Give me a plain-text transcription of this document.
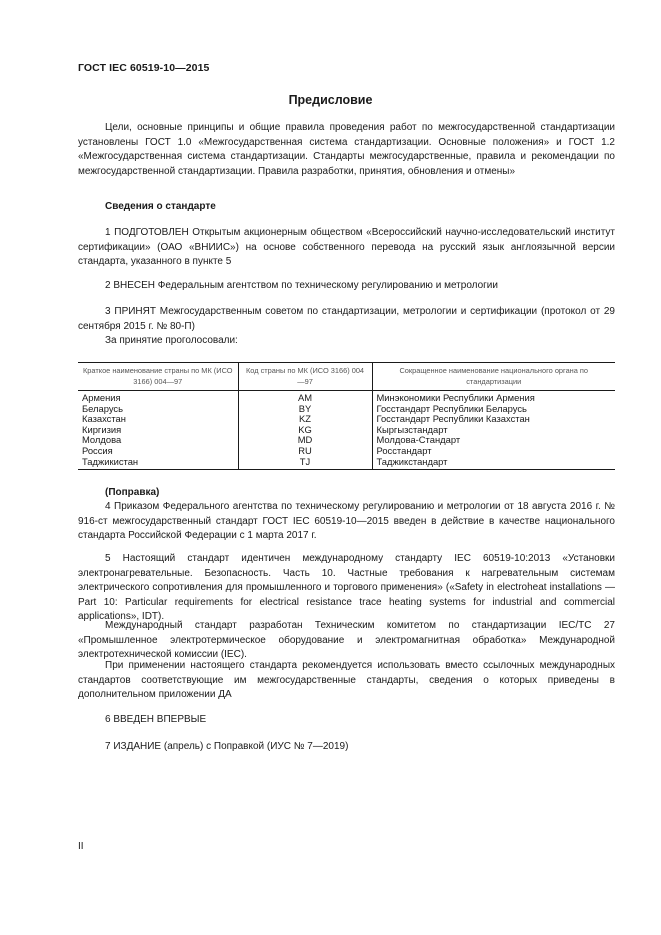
ГОСТ IEC 60519-10—2015
Предисловие

Цели, основные принципы и общие правила проведения работ по межгосударственной стандартизации установлены ГОСТ 1.0 «Межгосударственная система стандартизации. Основные положения» и ГОСТ 1.2 «Межгосударственная система стандартизации. Стандарты межгосударственные, правила и рекомендации по межгосударственной стандартизации. Правила разработки, принятия, обновления и отмены»

Сведения о стандарте

1 ПОДГОТОВЛЕН Открытым акционерным обществом «Всероссийский научно-исследовательский институт сертификации» (ОАО «ВНИИС») на основе собственного перевода на русский язык англоязычной версии стандарта, указанного в пункте 5

2 ВНЕСЕН Федеральным агентством по техническому регулированию и метрологии

3 ПРИНЯТ Межгосударственным советом по стандартизации, метрологии и сертификации (протокол от 29 сентября 2015 г. № 80-П)

За принятие проголосовали:

Краткое наименование страны по МК (ИСО 3166) 004—97	Код страны по МК (ИСО 3166) 004—97	Сокращенное наименование национального органа по стандартизации
Армения	AM	Минэкономики Республики Армения
Беларусь	BY	Госстандарт Республики Беларусь
Казахстан	KZ	Госстандарт Республики Казахстан
Киргизия	KG	Кыргызстандарт
Молдова	MD	Молдова-Стандарт
Россия	RU	Росстандарт
Таджикистан	TJ	Таджикстандарт

(Поправка)

4 Приказом Федерального агентства по техническому регулированию и метрологии от 18 августа 2016 г. № 916-ст межгосударственный стандарт ГОСТ IEC 60519-10—2015 введен в действие в качестве национального стандарта Российской Федерации с 1 марта 2017 г.

5 Настоящий стандарт идентичен международному стандарту IEC 60519-10:2013 «Установки электронагревательные. Безопасность. Часть 10. Частные требования к нагревательным системам электрического сопротивления для промышленного и торгового применения» («Safety in electroheat installations — Part 10: Particular requirements for electrical resistance trace heating systems for industrial and commercial applications», IDT).

Международный стандарт разработан Техническим комитетом по стандартизации IEC/TC 27 «Промышленное электротермическое оборудование и электромагнитная обработка» Международной электротехнической комиссии (IEC).

При применении настоящего стандарта рекомендуется использовать вместо ссылочных международных стандартов соответствующие им межгосударственные стандарты, сведения о которых приведены в дополнительном приложении ДА

6 ВВЕДЕН ВПЕРВЫЕ

7 ИЗДАНИЕ (апрель) с Поправкой (ИУС № 7—2019)

II
